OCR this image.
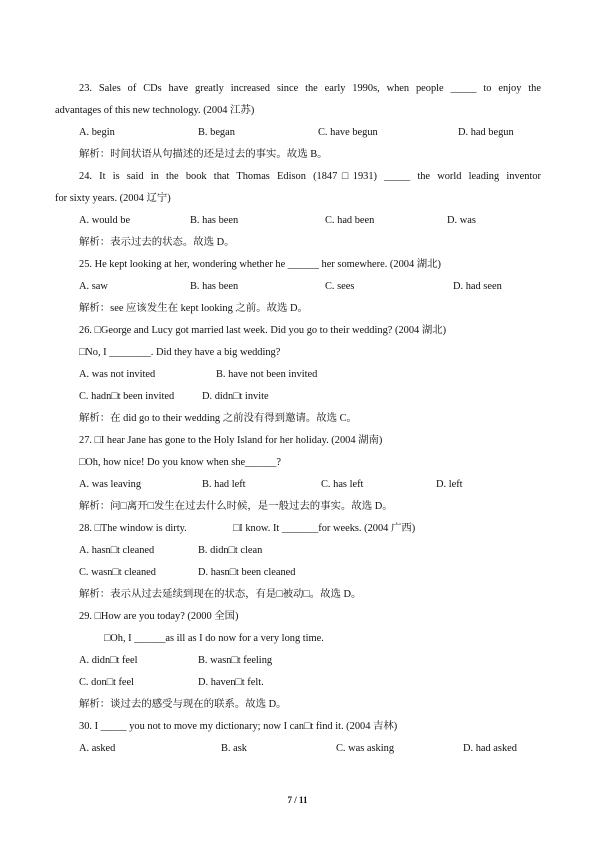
23. Sales of CDs have greatly increased since the early 1990s, when people _____ to enjoy the
advantages of this new technology. (2004 江苏)
A. begin	B. began	C. have begun	D. had begun
解析：时间状语从句描述的还是过去的事实。故选 B。
24. It is said in the book that Thomas Edison (1847□1931) _____ the world leading inventor
for sixty years. (2004 辽宁)
A. would be	B. has been	C. had been	D. was
解析：表示过去的状态。故选 D。
25. He kept looking at her, wondering whether he ______ her somewhere. (2004 湖北)
A. saw	B. has been	C. sees	D. had seen
解析：see 应该发生在 kept looking 之前。故选 D。
26. □George and Lucy got married last week. Did you go to their wedding? (2004 湖北)
□No, I ________. Did they have a big wedding?
A. was not invited	B. have not been invited
C. hadn□t been invited	D. didn□t invite
解析：在 did go to their wedding 之前没有得到邀请。故选 C。
27. □I hear Jane has gone to the Holy Island for her holiday. (2004 湖南)
□Oh, how nice! Do you know when she______?
A. was leaving	B. had left	C. has left	D. left
解析：问□离开□发生在过去什么时候，是一般过去的事实。故选 D。
28. □The window is dirty.	□I know. It _______for weeks. (2004 广西)
A. hasn□t cleaned	B. didn□t clean
C. wasn□t cleaned	D. hasn□t been cleaned
解析：表示从过去延续到现在的状态，有是□被动□。故选 D。
29. □How are you today? (2000 全国)
□Oh, I ______as ill as I do now for a very long time.
A. didn□t feel	B. wasn□t feeling
C. don□t feel	D. haven□t felt.
解析：谈过去的感受与现在的联系。故选 D。
30. I _____ you not to move my dictionary; now I can□t find it. (2004 吉林)
A. asked	B. ask	C. was asking	D. had asked
7 / 11
